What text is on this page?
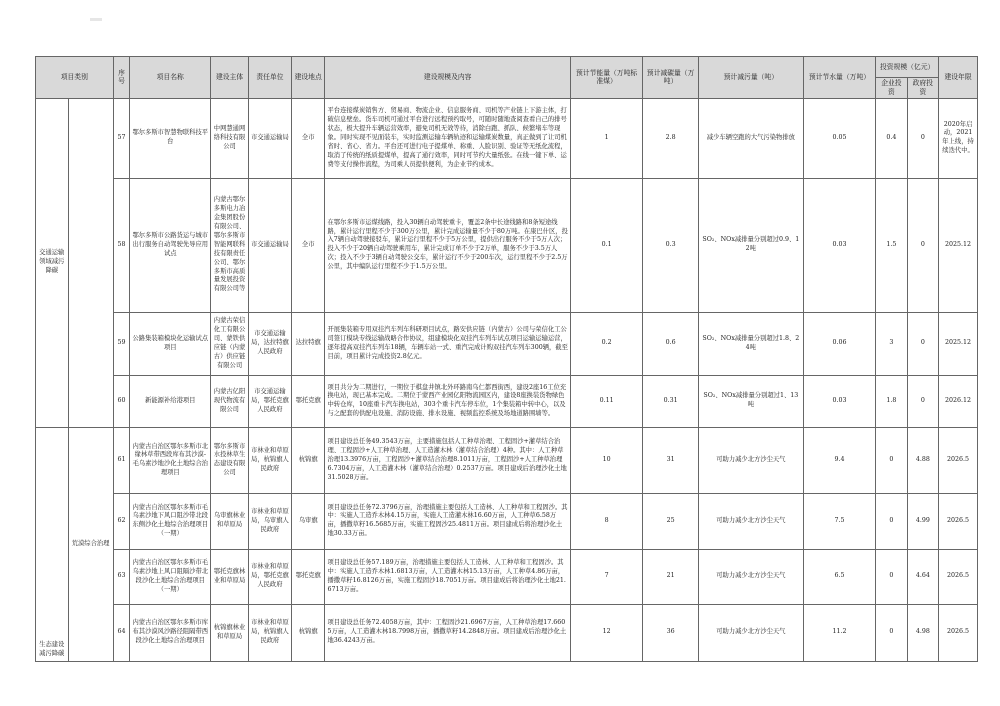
项目类别		序号	项目名称	建设主体	责任单位	建设地点	建设规模及内容	预计节能量（万吨标准煤）	预计减碳量（万吨）	预计减污量（吨）	预计节水量（万吨）	投资规模（亿元）		建设年限
												企业投资	政府投资	
交通运输领域减污降碳		57	鄂尔多斯市智慧物联科技平台	中网慧通网络科技有限公司	市交通运输局	全市	平台连接煤炭销售方、贸易商、物流企业、信息服务商、司机等产业链上下游主体，打破信息壁垒。货车司机可通过平台进行远程预约取号，可随时随地查阅查看自己的排号状态，极大提升车辆运营效率，避免司机无效等待，消除白跑、抓队、候繁堵车等现象。同时实现不见面装车，实时监测运输车辆轨迹和运输煤炭数量，真正做到了让司机省时、省心、省力。平台还可进行电子提煤单、称重、人脸识别、验证等无纸化流程，取消了传统的纸质提煤单，提高了通行效率，同时可节约大量纸张。在线一键下单、运费等支付操作流程，为司乘人员提供便利，为企业节约成本。	1	2.8	减少车辆空跑的大气污染物排放	0.05	0.4	0	2020年启动，2021年上线，持续迭代中。
		58	鄂尔多斯市公路货运与城市出行服务自动驾驶先导应用试点	内蒙古鄂尔多斯电力冶金集团股份有限公司、鄂尔多斯市智能网联科技有限责任公司、鄂尔多斯市高质量发展投资有限公司等	市交通运输局	全市	在鄂尔多斯市运煤线路，投入30辆自动驾驶重卡，覆盖2条中长途线路和8条短途线路，累计运行里程不少于300万公里，累计完成运输量不少于80万吨。在康巴什区，投入7辆自动驾驶接驳车，累计运行里程不少于5万公里，提供出行服务不少于5万人次；投入不少于20辆自动驾驶乘用车，累计完成订单不少于2万单，服务不少于3.5万人次；投入不少于3辆自动驾驶公交车，累计运行不少于200车次，运行里程不少于2.5万公里，其中编队运行里程不少于1.5万公里。	0.1	0.3	SO₂、NOx减排量分别超过0.9、12吨	0.03	1.5	0	2025.12
		59	公路集装箱模块化运输试点项目	内蒙古荣信化工有限公司、蒙铁供应链（内蒙古）供应链有限公司	市交通运输局，达拉特旗人民政府	达拉特旗	开展集装箱专用双挂汽车列车科研项目试点，路安供应链（内蒙古）公司与荣信化工公司签订模块专线运输战略合作协议，组建模块化双挂汽车列车试点项目运输运输运营，逐年提高双挂汽车列车18辆，车辆车站一式、重汽完成计购双挂汽车列车300辆，截至目前，项目累计完成投资2.8亿元。	0.2	0.6	SO₂、NOx减排量分别超过1.8、24吨	0.06	3	0	2025.12
		60	新能源补给港项目	内蒙古亿阳现代物流有限公司	市交通运输局，鄂托克旗人民政府	鄂托克旗	项目共分为二期进行，一期位于棋盘井镇北外环路南乌仁都西街西，建设2座16工位充换电站，现已基本完成。二期位于蒙西产业园亿阳物流园区内，建设8座换装货物绿色中转仓库，10座重卡汽车换电站，303个重卡汽车停车位，1个集装箱中转中心，以及与之配套的供配电设施、消防设施、排水设施、视频监控系统及场地道路围墙等。	0.11	0.31	SO₂、NOx减排量分别超过1、13吨	0.03	1.8	0	2026.12
生态建设减污降碳	荒漠综合治理	61	内蒙古自治区鄂尔多斯市北缘林草带西段库布其沙漠-毛乌素沙地沙化土地综合治理项目	鄂尔多斯市水投林草生态建设有限公司	市林业和草原局，杭锦旗人民政府	杭锦旗	项目建设总任务49.3543万亩，主要措施包括人工种草治理、工程固沙+灌草结合治理、工程固沙+人工种草治理、人工造灌木林（灌草结合治理）4种。其中：人工种草治理13.3976万亩，工程固沙+灌草结合治理8.1011万亩，工程固沙+人工种草治理6.7304万亩，人工造灌木林（灌草结合治理）0.2537万亩。项目建成后治理沙化土地31.5028万亩。	10	31	可助力减少北方沙尘天气	9.4	0	4.88	2026.5
		62	内蒙古自治区鄂尔多斯市毛乌素沙地下风口阻沙带北段东侧沙化土地综合治理项目（一期）	乌审旗林业和草原局	市林业和草原局，乌审旗人民政府	乌审旗	项目建设总任务72.3796万亩，治理措施主要包括人工造林、人工种草和工程固沙。其中：实施人工造乔木林4.15万亩，实施人工造灌木林16.60万亩，人工种草6.58万亩，播撒草籽16.5685万亩，实施工程固沙25.4811万亩。项目建成后将治理沙化土地30.33万亩。	8	25	可助力减少北方沙尘天气	7.5	0	4.99	2026.5
		63	内蒙古自治区鄂尔多斯市毛乌素沙地上风口阻隔沙带北段沙化土地综合治理项目（一期）	鄂托克旗林业和草原局	市林业和草原局，鄂托克旗人民政府	鄂托克旗	项目建设总任务57.189万亩，治理措施主要包括人工造林、人工种草和工程固沙。其中：实施人工造乔木林1.6813万亩，人工造灌木林15.13万亩，人工种草4.86万亩，播撒草籽16.8126万亩，实施工程固沙18.7051万亩。项目建成后将治理沙化土地21.6713万亩。	7	21	可助力减少北方沙尘天气	6.5	0	4.64	2026.5
		64	内蒙古自治区鄂尔多斯市库布其沙漠风沙路径阻隔带西段沙化土地综合治理项目	杭锦旗林业和草原局	市林业和草原局，杭锦旗人民政府	杭锦旗	项目建设总任务72.4058万亩，其中：工程固沙21.6967万亩，人工种草治理17.6605万亩，人工造灌木林18.7998万亩，播撒草籽14.2848万亩。项目建成后治理沙化土地36.4243万亩。	12	36	可助力减少北方沙尘天气	11.2	0	4.98	2026.5
